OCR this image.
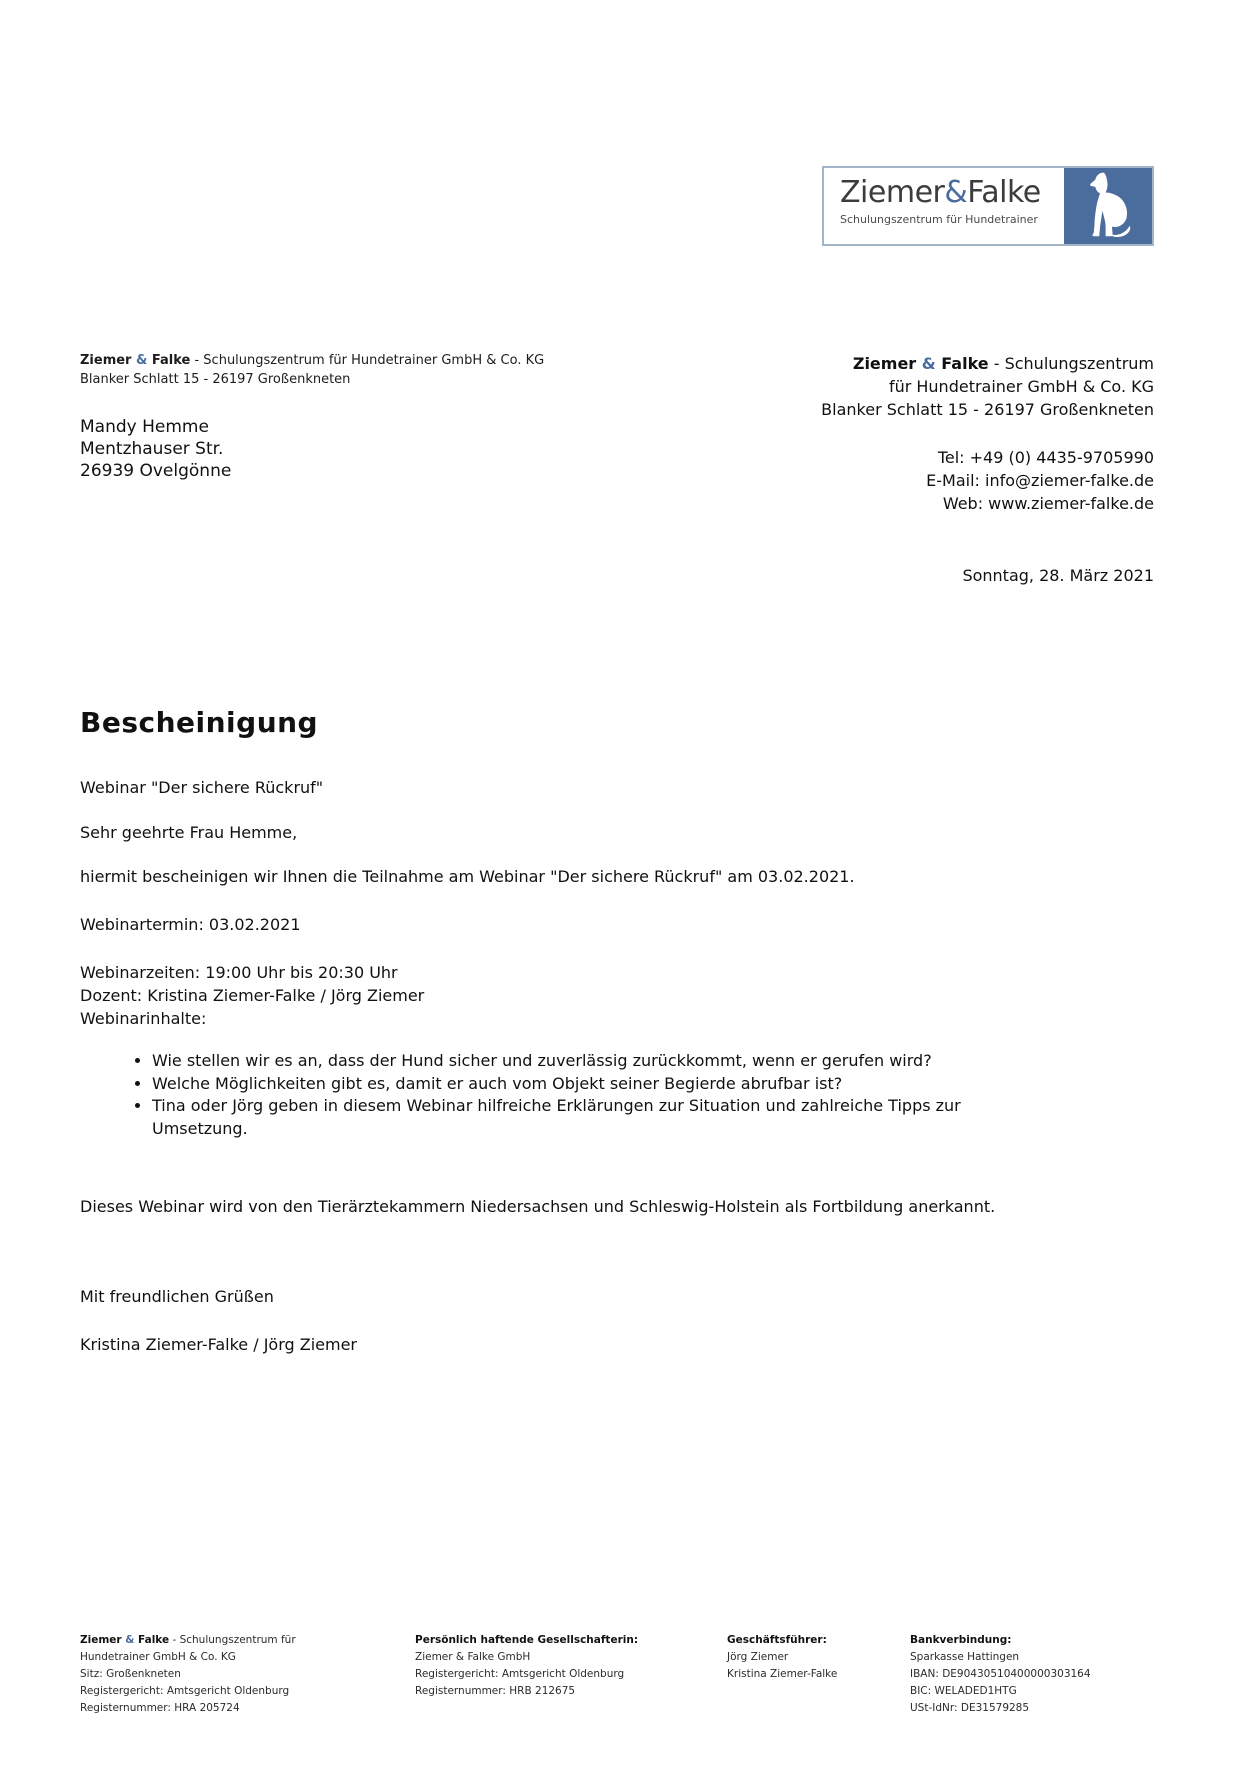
Ziemer&Falke
Schulungszentrum für Hundetrainer
Ziemer & Falke - Schulungszentrum für Hundetrainer GmbH & Co. KG
Blanker Schlatt 15 - 26197 Großenkneten
Mandy Hemme
Mentzhauser Str.
26939 Ovelgönne
Ziemer & Falke - Schulungszentrum
für Hundetrainer GmbH & Co. KG
Blanker Schlatt 15 - 26197 Großenkneten
Tel: +49 (0) 4435-9705990
E-Mail: info@ziemer-falke.de
Web: www.ziemer-falke.de
Sonntag, 28. März 2021
Bescheinigung
Webinar "Der sichere Rückruf"
Sehr geehrte Frau Hemme,
hiermit bescheinigen wir Ihnen die Teilnahme am Webinar "Der sichere Rückruf" am 03.02.2021.
Webinartermin: 03.02.2021
Webinarzeiten: 19:00 Uhr bis 20:30 Uhr
Dozent: Kristina Ziemer-Falke / Jörg Ziemer
Webinarinhalte:
• Wie stellen wir es an, dass der Hund sicher und zuverlässig zurückkommt, wenn er gerufen wird?
• Welche Möglichkeiten gibt es, damit er auch vom Objekt seiner Begierde abrufbar ist?
• Tina oder Jörg geben in diesem Webinar hilfreiche Erklärungen zur Situation und zahlreiche Tipps zur Umsetzung.
Dieses Webinar wird von den Tierärztekammern Niedersachsen und Schleswig-Holstein als Fortbildung anerkannt.
Mit freundlichen Grüßen
Kristina Ziemer-Falke / Jörg Ziemer
Ziemer & Falke - Schulungszentrum für
Hundetrainer GmbH & Co. KG
Sitz: Großenkneten
Registergericht: Amtsgericht Oldenburg
Registernummer: HRA 205724
Persönlich haftende Gesellschafterin:
Ziemer & Falke GmbH
Registergericht: Amtsgericht Oldenburg
Registernummer: HRB 212675
Geschäftsführer:
Jörg Ziemer
Kristina Ziemer-Falke
Bankverbindung:
Sparkasse Hattingen
IBAN: DE90430510400000303164
BIC: WELADED1HTG
USt-IdNr: DE31579285
